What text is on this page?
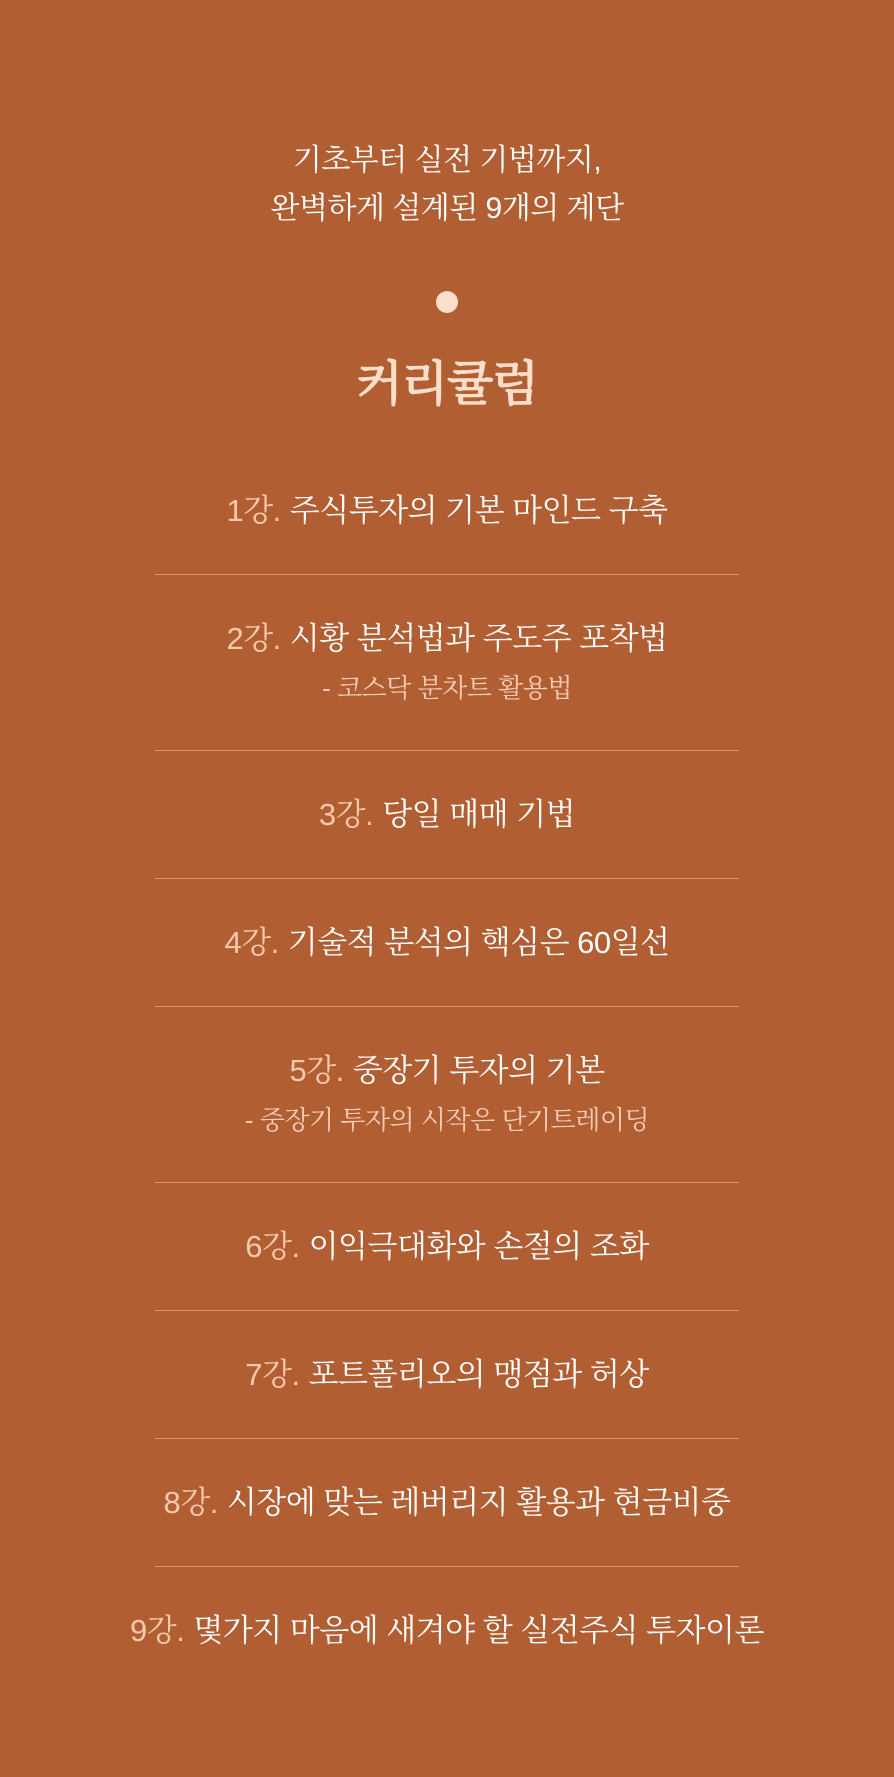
기초부터 실전 기법까지,
완벽하게 설계된 9개의 계단
커리큘럼
1강. 주식투자의 기본 마인드 구축
2강. 시황 분석법과 주도주 포착법
- 코스닥 분차트 활용법
3강. 당일 매매 기법
4강. 기술적 분석의 핵심은 60일선
5강. 중장기 투자의 기본
- 중장기 투자의 시작은 단기트레이딩
6강. 이익극대화와 손절의 조화
7강. 포트폴리오의 맹점과 허상
8강. 시장에 맞는 레버리지 활용과 현금비중
9강. 몇가지 마음에 새겨야 할 실전주식 투자이론
